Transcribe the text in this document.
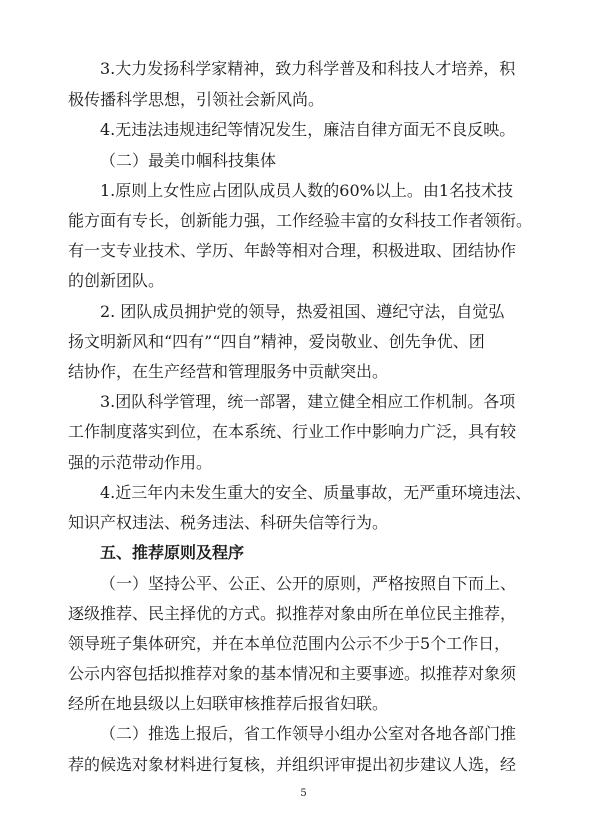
3.大力发扬科学家精神，致力科学普及和科技人才培养，积
极传播科学思想，引领社会新风尚。
4.无违法违规违纪等情况发生，廉洁自律方面无不良反映。
（二）最美巾帼科技集体
1.原则上女性应占团队成员人数的60%以上。由1名技术技
能方面有专长，创新能力强，工作经验丰富的女科技工作者领衔。
有一支专业技术、学历、年龄等相对合理，积极进取、团结协作
的创新团队。
2. 团队成员拥护党的领导，热爱祖国、遵纪守法，自觉弘
扬文明新风和“四有”“四自”精神，爱岗敬业、创先争优、团
结协作，在生产经营和管理服务中贡献突出。
3.团队科学管理，统一部署，建立健全相应工作机制。各项
工作制度落实到位，在本系统、行业工作中影响力广泛，具有较
强的示范带动作用。
4.近三年内未发生重大的安全、质量事故，无严重环境违法、
知识产权违法、税务违法、科研失信等行为。
五、推荐原则及程序
（一）坚持公平、公正、公开的原则，严格按照自下而上、
逐级推荐、民主择优的方式。拟推荐对象由所在单位民主推荐，
领导班子集体研究，并在本单位范围内公示不少于5个工作日，
公示内容包括拟推荐对象的基本情况和主要事迹。拟推荐对象须
经所在地县级以上妇联审核推荐后报省妇联。
（二）推选上报后，省工作领导小组办公室对各地各部门推
荐的候选对象材料进行复核，并组织评审提出初步建议人选，经
5
